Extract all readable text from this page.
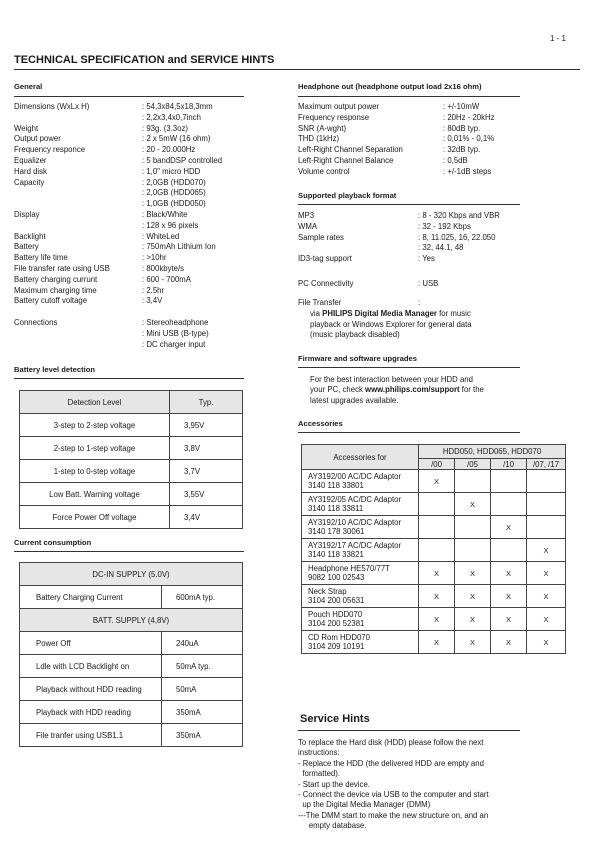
1 - 1
TECHNICAL SPECIFICATION and SERVICE HINTS
General
Dimensions (WxLx H)	: 54,3x84,5x18,3mm
: 2,2x3,4x0,7inch
Weight	: 93g. (3.3oz)
Output power	: 2 x 5mW (16 ohm)
Frequency responce	: 20 - 20.000Hz
Equalizer	: 5 bandDSP controlled
Hard disk	: 1,0" micro HDD
Capacity	: 2,0GB (HDD070)
: 2,0GB (HDD065)
: 1,0GB (HDD050)
Display	: Black/White
: 128 x 96 pixels
Backlight	: WhiteLed
Battery	: 750mAh Lithium Ion
Battery life time	: >10hr
File transfer rate using USB	: 800kbyte/s
Battery charging currunt	: 600 - 700mA
Maximum charging time	: 2.5hr
Battery cutoff voltage	: 3,4V
Connections	: Stereoheadphone
: Mini USB (B-type)
: DC charger input
Battery level detection
Detection Level	Typ.
3-step to 2-step voltage	3,95V
2-step to 1-step voltage	3,8V
1-step to 0-step voltage	3,7V
Low Batt. Warning voltage	3,55V
Force Power Off voltage	3,4V
Current consumption
DC-IN SUPPLY (5.0V)	
Battery Charging Current	600mA typ.
BATT. SUPPLY (4,8V)	
Power Off	240uA
Ldle with LCD Backlight on	50mA typ.
Playback without HDD reading	50mA
Playback with HDD reading	350mA
File tranfer using USB1.1	350mA
Headphone out (headphone output load 2x16 ohm)
Maximum output power	: +/-10mW
Frequency response	: 20Hz - 20kHz
SNR (A-wght)	: 80dB typ.
THD (1kHz)	: 0,01% - 0,1%
Left-Right Channel Separation	: 32dB typ.
Left-Right Channel Balance	: 0,5dB
Volume control	: +/-1dB steps
Supported playback format
MP3	: 8 - 320 Kbps and VBR
WMA	: 32 - 192 Kbps
Sample rates	: 8, 11.025, 16, 22.050
: 32, 44.1, 48
ID3-tag support	: Yes
PC Connectivity	: USB
File Transfer	:
via PHILIPS Digital Media Manager for music
playback or Windows Explorer for general data
(music playback disabled)
Firmware and software upgrades
For the best interaction between your HDD and
your PC, check www.philips.com/support for the
latest upgrades available.
Accessories
Accessories for	HDD050, HDD065, HDD070			
	/00	/05	/10	/07, /17

AY3192/00 AC/DC Adaptor
3140 118 33801	X			

AY3192/05 AC/DC Adaptor
3140 118 33811		X		

AY3192/10 AC/DC Adaptor
3140 178 30061			X	

AY3192/17 AC/DC Adaptor
3140 118 33821				X

Headphone HE570/77T
9082 100 02543	X	X	X	X

Neck Strap
3104 200 05631	X	X	X	X

Pouch HDD070
3104 200 52381	X	X	X	X

CD Rom HDD070
3104 209 10191	X	X	X	X
Service Hints
To replace the Hard disk (HDD) please follow the next
instructions:
- Replace the HDD (the delivered HDD are empty and
formatted).
- Start up the device.
- Connect the device via USB to the computer and start
up the Digital Media Manager (DMM)
---The DMM start to make the new structure on, and an
empty database.
